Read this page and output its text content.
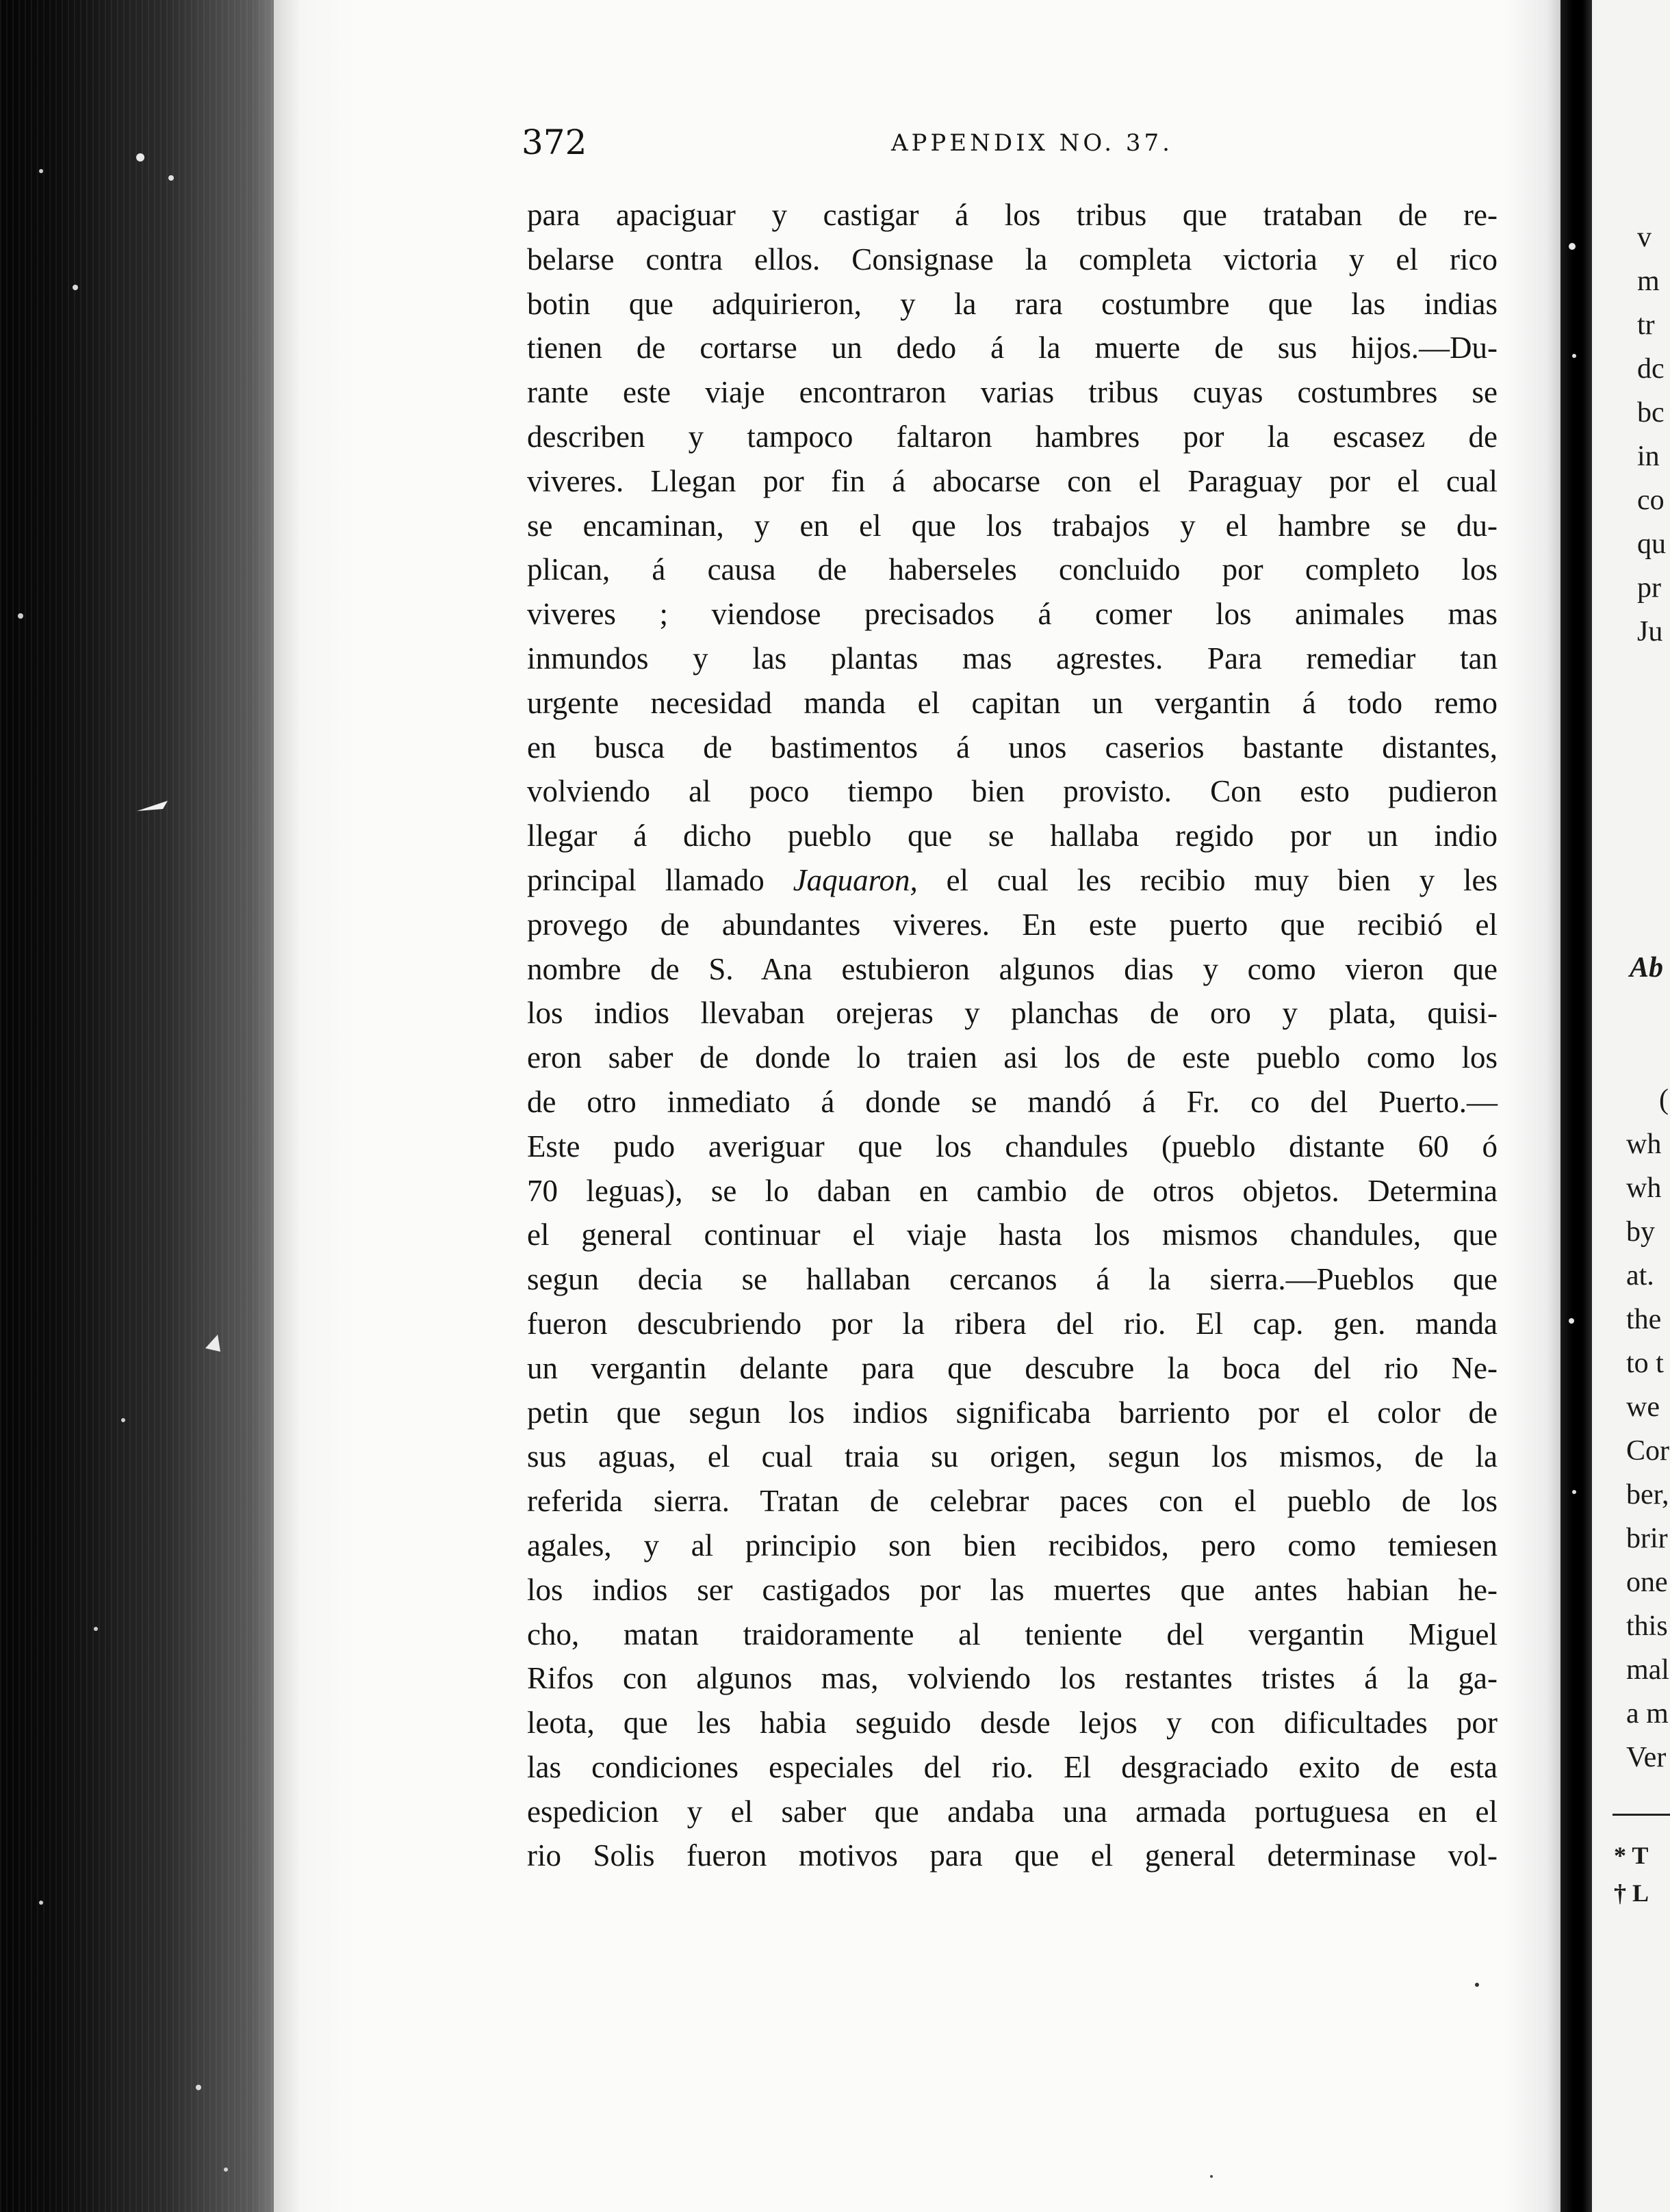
372	APPENDIX NO. 37.
para apaciguar y castigar á los tribus que trataban de re-
belarse contra ellos. Consignase la completa victoria y el rico
botin que adquirieron, y la rara costumbre que las indias
tienen de cortarse un dedo á la muerte de sus hijos.—Du-
rante este viaje encontraron varias tribus cuyas costumbres se
describen y tampoco faltaron hambres por la escasez de
viveres. Llegan por fin á abocarse con el Paraguay por el cual
se encaminan, y en el que los trabajos y el hambre se du-
plican, á causa de haberseles concluido por completo los
viveres ; viendose precisados á comer los animales mas
inmundos y las plantas mas agrestes. Para remediar tan
urgente necesidad manda el capitan un vergantin á todo remo
en busca de bastimentos á unos caserios bastante distantes,
volviendo al poco tiempo bien provisto. Con esto pudieron
llegar á dicho pueblo que se hallaba regido por un indio
principal llamado Jaquaron, el cual les recibio muy bien y les
provego de abundantes viveres. En este puerto que recibió el
nombre de S. Ana estubieron algunos dias y como vieron que
los indios llevaban orejeras y planchas de oro y plata, quisi-
eron saber de donde lo traien asi los de este pueblo como los
de otro inmediato á donde se mandó á Fr. co del Puerto.—
Este pudo averiguar que los chandules (pueblo distante 60 ó
70 leguas), se lo daban en cambio de otros objetos. Determina
el general continuar el viaje hasta los mismos chandules, que
segun decia se hallaban cercanos á la sierra.—Pueblos que
fueron descubriendo por la ribera del rio. El cap. gen. manda
un vergantin delante para que descubre la boca del rio Ne-
petin que segun los indios significaba barriento por el color de
sus aguas, el cual traia su origen, segun los mismos, de la
referida sierra. Tratan de celebrar paces con el pueblo de los
agales, y al principio son bien recibidos, pero como temiesen
los indios ser castigados por las muertes que antes habian he-
cho, matan traidoramente al teniente del vergantin Miguel
Rifos con algunos mas, volviendo los restantes tristes á la ga-
leota, que les habia seguido desde lejos y con dificultades por
las condiciones especiales del rio. El desgraciado exito de esta
espedicion y el saber que andaba una armada portuguesa en el
rio Solis fueron motivos para que el general determinase vol-
v
m
tr
dc
bc
in
co
qu
pr
Ju
Ab
(
wh
wh
by
at.
the
to t
we
Cor
ber,
brir
one
this
mal
a m
Ver
* T
† L
